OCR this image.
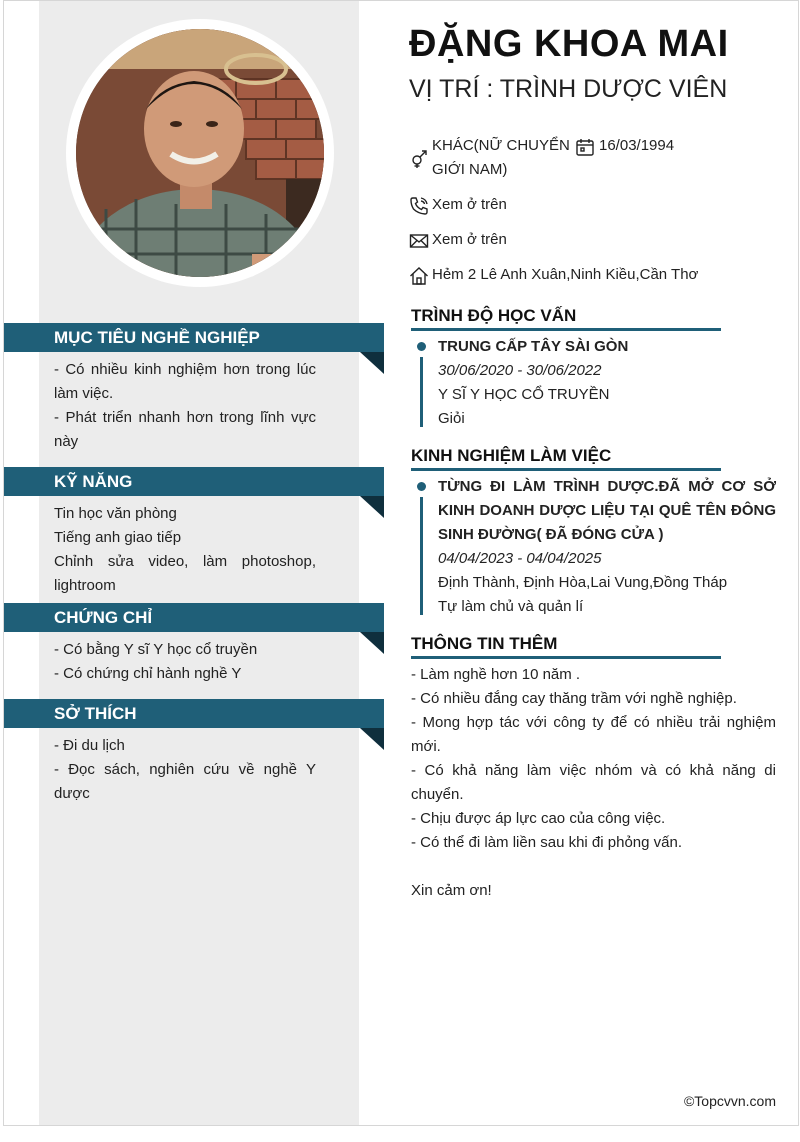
ĐẶNG KHOA MAI
VỊ TRÍ : TRÌNH DƯỢC VIÊN
KHÁC(NỮ CHUYỂN GIỚI NAM)
16/03/1994
Xem ở trên
Xem ở trên
Hẻm 2 Lê Anh Xuân,Ninh Kiều,Cần Thơ
MỤC TIÊU NGHỀ NGHIỆP
- Có nhiều kinh nghiệm hơn trong lúc làm việc.
- Phát triển nhanh hơn trong lĩnh vực này
KỸ NĂNG
Tin học văn phòng
Tiếng anh giao tiếp
Chỉnh sửa video, làm photoshop, lightroom
CHỨNG CHỈ
- Có bằng Y sĩ Y học cổ truyền
- Có chứng chỉ hành nghề Y
SỞ THÍCH
- Đi du lịch
- Đọc sách, nghiên cứu về nghề Y dược
TRÌNH ĐỘ HỌC VẤN
TRUNG CẤP TÂY SÀI GÒN
30/06/2020 - 30/06/2022
Y SĨ Y HỌC CỔ TRUYỀN
Giỏi
KINH NGHIỆM LÀM VIỆC
TỪNG ĐI LÀM TRÌNH DƯỢC.ĐÃ MỞ CƠ SỞ KINH DOANH DƯỢC LIỆU TẠI QUÊ TÊN ĐÔNG SINH ĐƯỜNG( ĐÃ ĐÓNG CỬA )
04/04/2023 - 04/04/2025
Định Thành, Định Hòa,Lai Vung,Đồng Tháp
Tự làm chủ và quản lí
THÔNG TIN THÊM
- Làm nghề hơn 10 năm .
- Có nhiều đắng cay thăng trầm với nghề nghiệp.
- Mong hợp tác với công ty để có nhiều trải nghiệm mới.
- Có khả năng làm việc nhóm và có khả năng di chuyển.
- Chịu được áp lực cao của công việc.
- Có thể đi làm liền sau khi đi phỏng vấn.
Xin cảm ơn!
©Topcvvn.com
